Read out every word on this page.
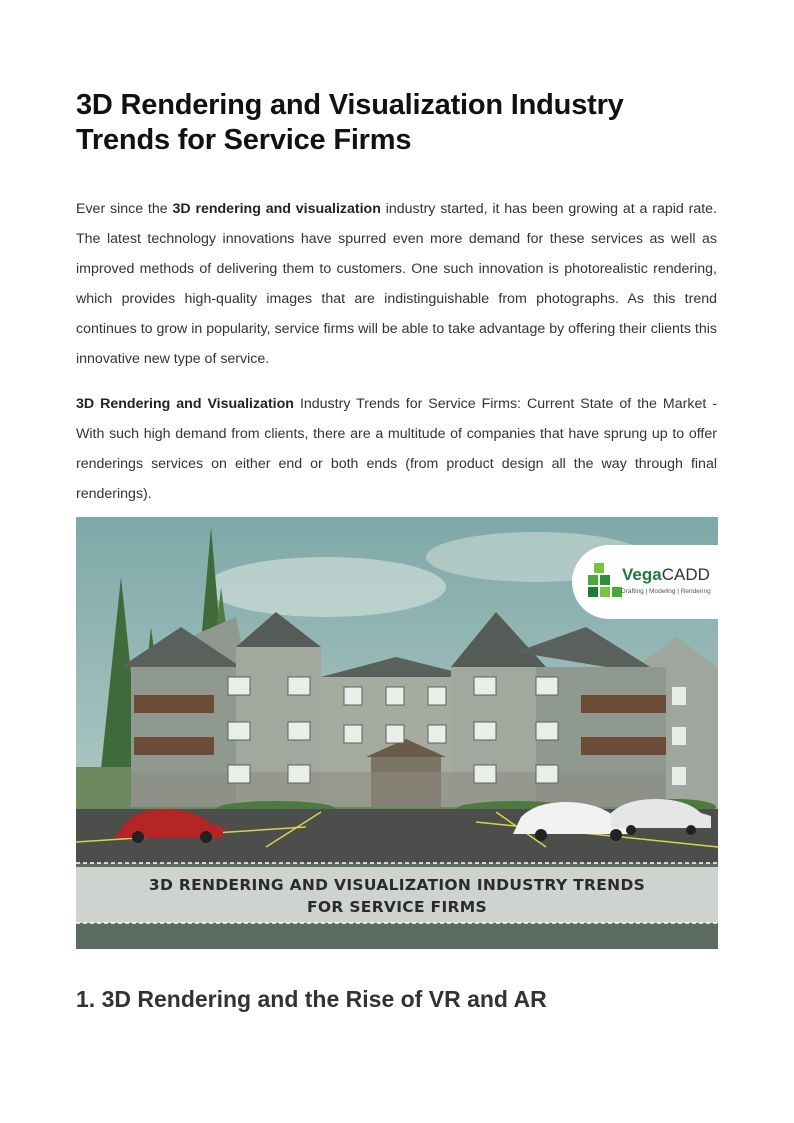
3D Rendering and Visualization Industry Trends for Service Firms

Ever since the 3D rendering and visualization industry started, it has been growing at a rapid rate. The latest technology innovations have spurred even more demand for these services as well as improved methods of delivering them to customers. One such innovation is photorealistic rendering, which provides high-quality images that are indistinguishable from photographs. As this trend continues to grow in popularity, service firms will be able to take advantage by offering their clients this innovative new type of service.

3D Rendering and Visualization Industry Trends for Service Firms: Current State of the Market - With such high demand from clients, there are a multitude of companies that have sprung up to offer renderings services on either end or both ends (from product design all the way through final renderings).

3D RENDERING AND VISUALIZATION INDUSTRY TRENDS
FOR SERVICE FIRMS
VegaCADD
Drafting | Modeling | Rendering
1. 3D Rendering and the Rise of VR and AR
